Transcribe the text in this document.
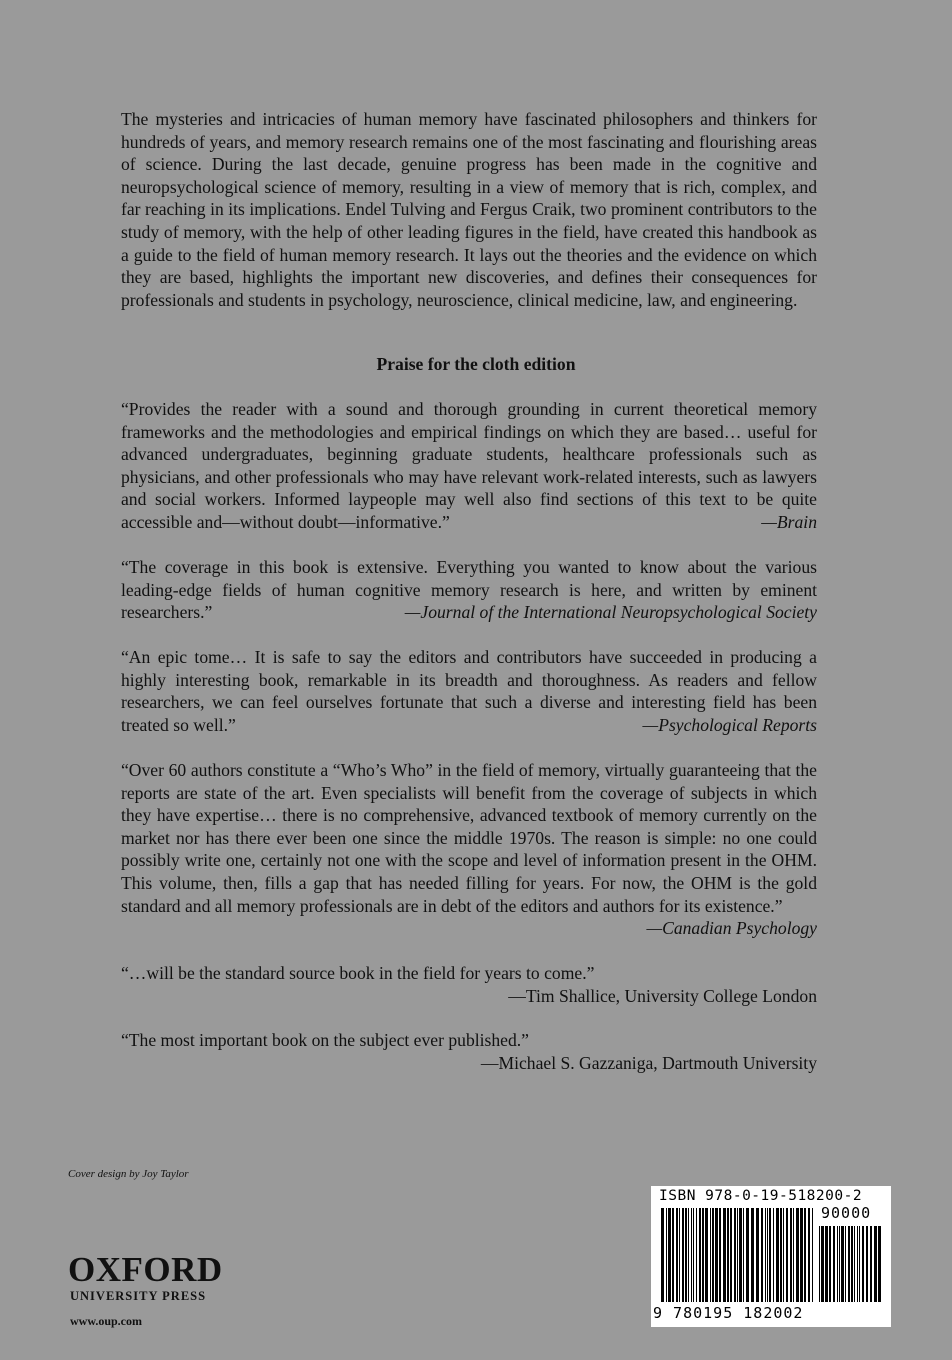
The mysteries and intricacies of human memory have fascinated philosophers and thinkers for hundreds of years, and memory research remains one of the most fascinating and flourishing areas of science. During the last decade, genuine progress has been made in the cognitive and neuropsychological science of memory, resulting in a view of memory that is rich, complex, and far reaching in its implications. Endel Tulving and Fergus Craik, two prominent contributors to the study of memory, with the help of other leading figures in the field, have created this handbook as a guide to the field of human memory research. It lays out the theories and the evidence on which they are based, highlights the important new discoveries, and defines their consequences for professionals and students in psychology, neuroscience, clinical medicine, law, and engineering.

Praise for the cloth edition
“Provides the reader with a sound and thorough grounding in current theoretical memory frameworks and the methodologies and empirical findings on which they are based… useful for advanced undergraduates, beginning graduate students, healthcare professionals such as physicians, and other professionals who may have relevant work-related interests, such as lawyers and social workers. Informed laypeople may well also find sections of this text to be quite accessible and—without doubt—informative.”	—Brain
“The coverage in this book is extensive. Everything you wanted to know about the various leading-edge fields of human cognitive memory research is here, and written by eminent researchers.”	—Journal of the International Neuropsychological Society
“An epic tome… It is safe to say the editors and contributors have succeeded in producing a highly interesting book, remarkable in its breadth and thoroughness. As readers and fellow researchers, we can feel ourselves fortunate that such a diverse and interesting field has been treated so well.”	—Psychological Reports
“Over 60 authors constitute a “Who’s Who” in the field of memory, virtually guaranteeing that the reports are state of the art. Even specialists will benefit from the coverage of subjects in which they have expertise… there is no comprehensive, advanced textbook of memory currently on the market nor has there ever been one since the middle 1970s. The reason is simple: no one could possibly write one, certainly not one with the scope and level of information present in the OHM. This volume, then, fills a gap that has needed filling for years. For now, the OHM is the gold standard and all memory professionals are in debt of the editors and authors for its existence.”
—Canadian Psychology
“…will be the standard source book in the field for years to come.”
—Tim Shallice, University College London
“The most important book on the subject ever published.”
—Michael S. Gazzaniga, Dartmouth University
Cover design by Joy Taylor
OXFORD
UNIVERSITY PRESS
www.oup.com
ISBN 978-0-19-518200-2
90000
9 780195 182002
